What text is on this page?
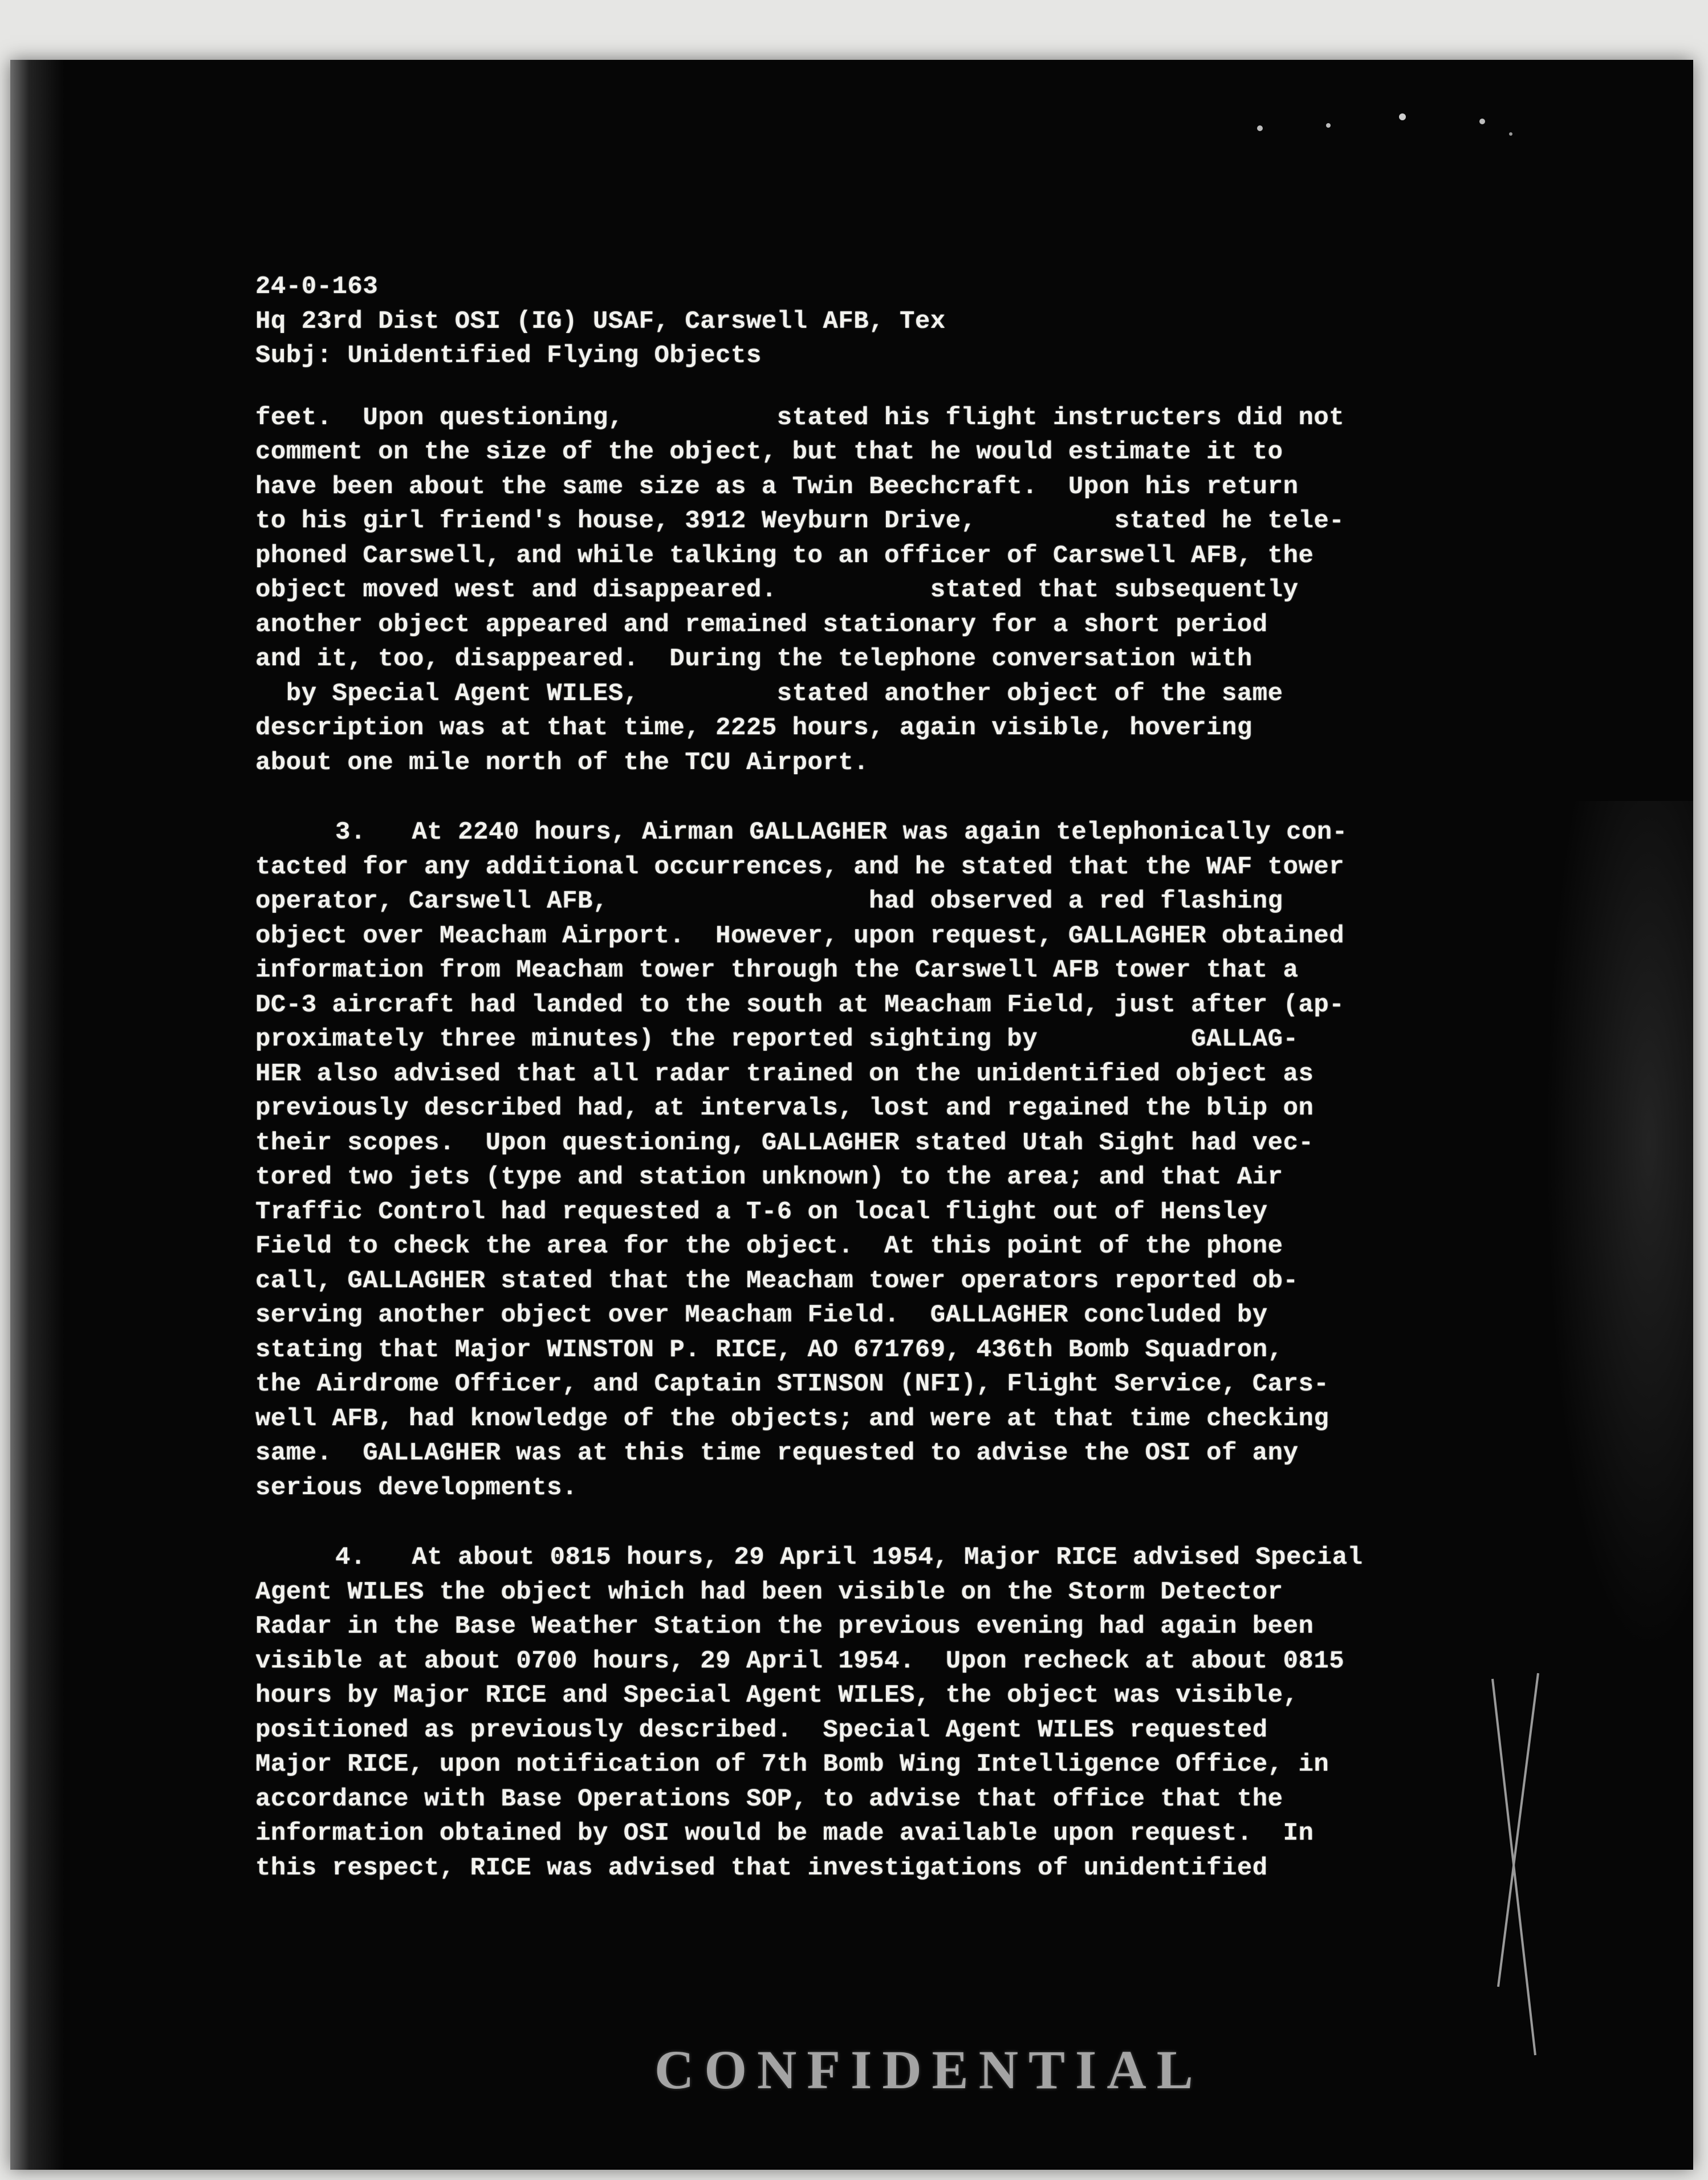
24-0-163
Hq 23rd Dist OSI (IG) USAF, Carswell AFB, Tex
Subj: Unidentified Flying Objects
feet.  Upon questioning,          stated his flight instructers did not
comment on the size of the object, but that he would estimate it to
have been about the same size as a Twin Beechcraft.  Upon his return
to his girl friend's house, 3912 Weyburn Drive,         stated he tele-
phoned Carswell, and while talking to an officer of Carswell AFB, the
object moved west and disappeared.          stated that subsequently
another object appeared and remained stationary for a short period
and it, too, disappeared.  During the telephone conversation with
by Special Agent WILES,         stated another object of the same
description was at that time, 2225 hours, again visible, hovering
about one mile north of the TCU Airport.
3.   At 2240 hours, Airman GALLAGHER was again telephonically con-
tacted for any additional occurrences, and he stated that the WAF tower
operator, Carswell AFB,                 had observed a red flashing
object over Meacham Airport.  However, upon request, GALLAGHER obtained
information from Meacham tower through the Carswell AFB tower that a
DC-3 aircraft had landed to the south at Meacham Field, just after (ap-
proximately three minutes) the reported sighting by          GALLAG-
HER also advised that all radar trained on the unidentified object as
previously described had, at intervals, lost and regained the blip on
their scopes.  Upon questioning, GALLAGHER stated Utah Sight had vec-
tored two jets (type and station unknown) to the area; and that Air
Traffic Control had requested a T-6 on local flight out of Hensley
Field to check the area for the object.  At this point of the phone
call, GALLAGHER stated that the Meacham tower operators reported ob-
serving another object over Meacham Field.  GALLAGHER concluded by
stating that Major WINSTON P. RICE, AO 671769, 436th Bomb Squadron,
the Airdrome Officer, and Captain STINSON (NFI), Flight Service, Cars-
well AFB, had knowledge of the objects; and were at that time checking
same.  GALLAGHER was at this time requested to advise the OSI of any
serious developments.
4.   At about 0815 hours, 29 April 1954, Major RICE advised Special
Agent WILES the object which had been visible on the Storm Detector
Radar in the Base Weather Station the previous evening had again been
visible at about 0700 hours, 29 April 1954.  Upon recheck at about 0815
hours by Major RICE and Special Agent WILES, the object was visible,
positioned as previously described.  Special Agent WILES requested
Major RICE, upon notification of 7th Bomb Wing Intelligence Office, in
accordance with Base Operations SOP, to advise that office that the
information obtained by OSI would be made available upon request.  In
this respect, RICE was advised that investigations of unidentified
CONFIDENTIAL
